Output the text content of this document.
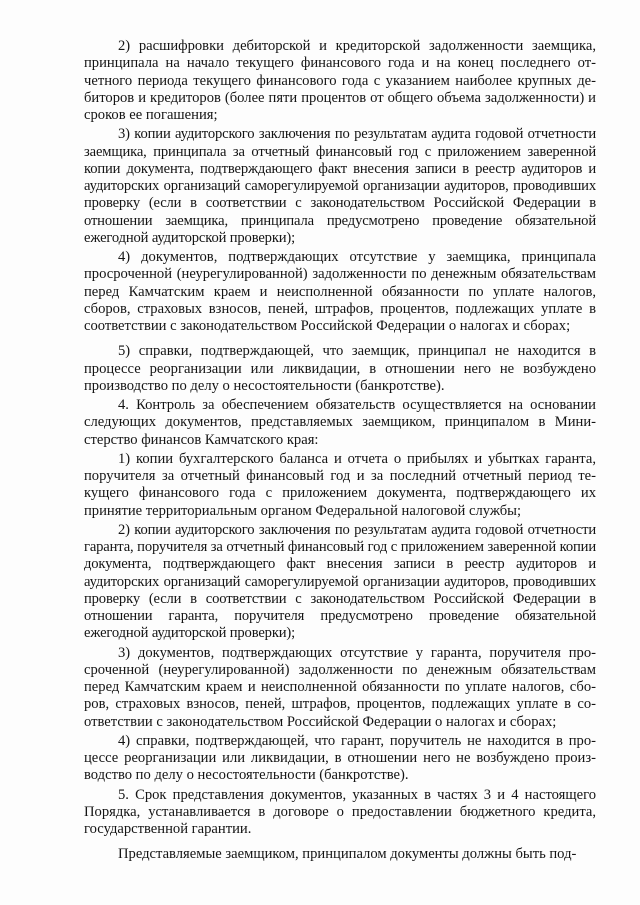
2) расшифровки дебиторской и кредиторской задолженности заемщика, принципала на начало текущего финансового года и на конец последнего отчетного периода текущего финансового года с указанием наиболее крупных дебиторов и кредиторов (более пяти процентов от общего объема задолженности) и сроков ее погашения;

3) копии аудиторского заключения по результатам аудита годовой отчетности заемщика, принципала за отчетный финансовый год с приложением заверенной копии документа, подтверждающего факт внесения записи в реестр аудиторов и аудиторских организаций саморегулируемой организации аудиторов, проводивших проверку (если в соответствии с законодательством Российской Федерации в отношении заемщика, принципала предусмотрено проведение обязательной ежегодной аудиторской проверки);

4) документов, подтверждающих отсутствие у заемщика, принципала просроченной (неурегулированной) задолженности по денежным обязательствам перед Камчатским краем и неисполненной обязанности по уплате налогов, сборов, страховых взносов, пеней, штрафов, процентов, подлежащих уплате в соответствии с законодательством Российской Федерации о налогах и сборах;

5) справки, подтверждающей, что заемщик, принципал не находится в процессе реорганизации или ликвидации, в отношении него не возбуждено производство по делу о несостоятельности (банкротстве).

4. Контроль за обеспечением обязательств осуществляется на основании следующих документов, представляемых заемщиком, принципалом в Министерство финансов Камчатского края:

1) копии бухгалтерского баланса и отчета о прибылях и убытках гаранта, поручителя за отчетный финансовый год и за последний отчетный период текущего финансового года с приложением документа, подтверждающего их принятие территориальным органом Федеральной налоговой службы;

2) копии аудиторского заключения по результатам аудита годовой отчетности гаранта, поручителя за отчетный финансовый год с приложением заверенной копии документа, подтверждающего факт внесения записи в реестр аудиторов и аудиторских организаций саморегулируемой организации аудиторов, проводивших проверку (если в соответствии с законодательством Российской Федерации в отношении гаранта, поручителя предусмотрено проведение обязательной ежегодной аудиторской проверки);

3) документов, подтверждающих отсутствие у гаранта, поручителя просроченной (неурегулированной) задолженности по денежным обязательствам перед Камчатским краем и неисполненной обязанности по уплате налогов, сборов, страховых взносов, пеней, штрафов, процентов, подлежащих уплате в соответствии с законодательством Российской Федерации о налогах и сборах;

4) справки, подтверждающей, что гарант, поручитель не находится в процессе реорганизации или ликвидации, в отношении него не возбуждено производство по делу о несостоятельности (банкротстве).

5. Срок представления документов, указанных в частях 3 и 4 настоящего Порядка, устанавливается в договоре о предоставлении бюджетного кредита, государственной гарантии.

Представляемые заемщиком, принципалом документы должны быть под-
